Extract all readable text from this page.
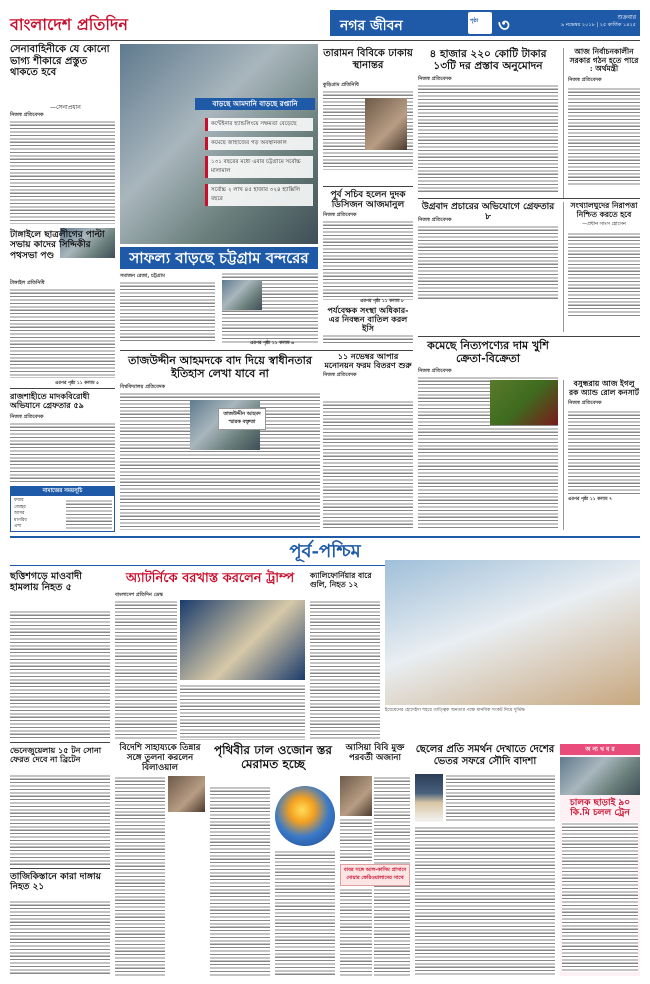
বাংলাদেশ প্রতিদিন	নগর জীবন	পৃষ্ঠা ৩	শুক্রবার
৯ নভেম্বর ২০১৮ | ২৫ কার্তিক ১৪২৫
সেনাবাহিনীকে যে কোনো ভাগ্য শীকারে প্রস্তুত থাকতে হবে
—সেনাপ্রধান
নিজস্ব প্রতিবেদক
টাঙ্গাইলে ছাত্রলীগের পাল্টা সভায় কাদের সিদ্দিকীর পথসভা পণ্ড
টাঙ্গাইল প্রতিনিধি
এরপর পৃষ্ঠা ১১ কলাম ৫
রাজশাহীতে মাদকবিরোধী অভিযানে গ্রেফতার ৫৯
নিজস্ব প্রতিবেদক
নামাজের সময়সূচি
ফজর
জোহর
আসর
মাগরিব
এশা
বাড়ছে আমদানি বাড়ছে রপ্তানি
কন্টেইনার হ্যান্ডলিংয়ে সক্ষমতা বেড়েছে
কমেছে জাহাজের গড় অবস্থানকাল
১৩১ বছরের মধ্যে এবার চট্টগ্রামে সর্বোচ্চ মালামাল
সর্বোচ্চ ২ লাখ ৪৫ হাজার ৩২৪ হ্যাক্সিলি বছরে
সাফল্য বাড়ছে চট্টগ্রাম বন্দরের
সমাজন রেজা, চট্টগ্রাম
এরপর পৃষ্ঠা ১১ কলাম ৬
তারামন বিবিকে ঢাকায় স্থানান্তর
কুড়িগ্রাম প্রতিনিধি
পূর্ব সচিব হলেন দুদক ডিসিজন আজমানুল
নিজস্ব প্রতিবেদক
এরপর পৃষ্ঠা ১১ কলাম ৮
পর্যবেক্ষক সংস্থা অধিকার-এর নিবন্ধন বাতিল করল ইসি
৪ হাজার ২২০ কোটি টাকার ১৩টি দর প্রস্তাব অনুমোদন
নিজস্ব প্রতিবেদক
আজ নির্বাচনকালীন সরকার গঠন হতে পারে : অর্থমন্ত্রী
নিজস্ব প্রতিবেদক
উগ্রবাদ প্রচারের অভিযোগে গ্রেফতার ৮
নিজস্ব প্রতিবেদক
সংখ্যালঘুদের নিরাপত্তা নিশ্চিত করতে হবে
—প্রধান সাংস হোসেন
তাজউদ্দীন আহমদকে বাদ দিয়ে স্বাধীনতার ইতিহাস লেখা যাবে না
১১ নভেম্বর আপার মনোনয়ন ফরম বিতরণ শুরু
নিজস্ব প্রতিবেদক
বিশ্ববিদ্যালয় প্রতিবেদক
তাজউদ্দীন আহমদ স্মারক বক্তৃতা
কমেছে নিত্যপণ্যের দাম খুশি ক্রেতা-বিক্রেতা
নিজস্ব প্রতিবেদক
বসুন্ধরায় আজ ইগলু রক অ্যান্ড রোল কনসার্ট
নিজস্ব প্রতিবেদক
এরপর পৃষ্ঠা ১১ কলাম ৭
পূর্ব-পশ্চিম
ছত্তিশগড়ে মাওবাদী হামলায় নিহত ৫
ভেনেজুয়েলায় ১৫ টন সোনা ফেরত দেবে না ব্রিটেন
তাজিকিস্তানে কারা দাঙ্গায় নিহত ২১
অ্যাটর্নিকে বরখাস্ত করলেন ট্রাম্প
বাংলাদেশ প্রতিদিন ডেস্ক
বিদেশি সাহায্যকে তিন্নার সঙ্গে তুলনা করলেন বিলাওয়াল
পৃথিবীর ঢাল ওজোন স্তর মেরামত হচ্ছে
ক্যালিফোর্নিয়ার বারে গুলি, নিহত ১২
ইয়েমেনের হোদেইদা শহরে তাত্ত্বিক জনতার পক্ষে মানবিক সংকট নিয়ে দুর্ভিক্ষ
আসিয়া বিবি মুক্ত পরবর্তী অজানা
বাবর সঙ্গে আল-কাসিম প্রাসাদে দোয়ার ফেরিওয়ালাদের সাথে
ছেলের প্রতি সমর্থন দেখাতে দেশের ভেতর সফরে সৌদি বাদশা
অ ন্য খ ব র
চালক ছাড়াই ৯০ কি.মি চলল ট্রেন
